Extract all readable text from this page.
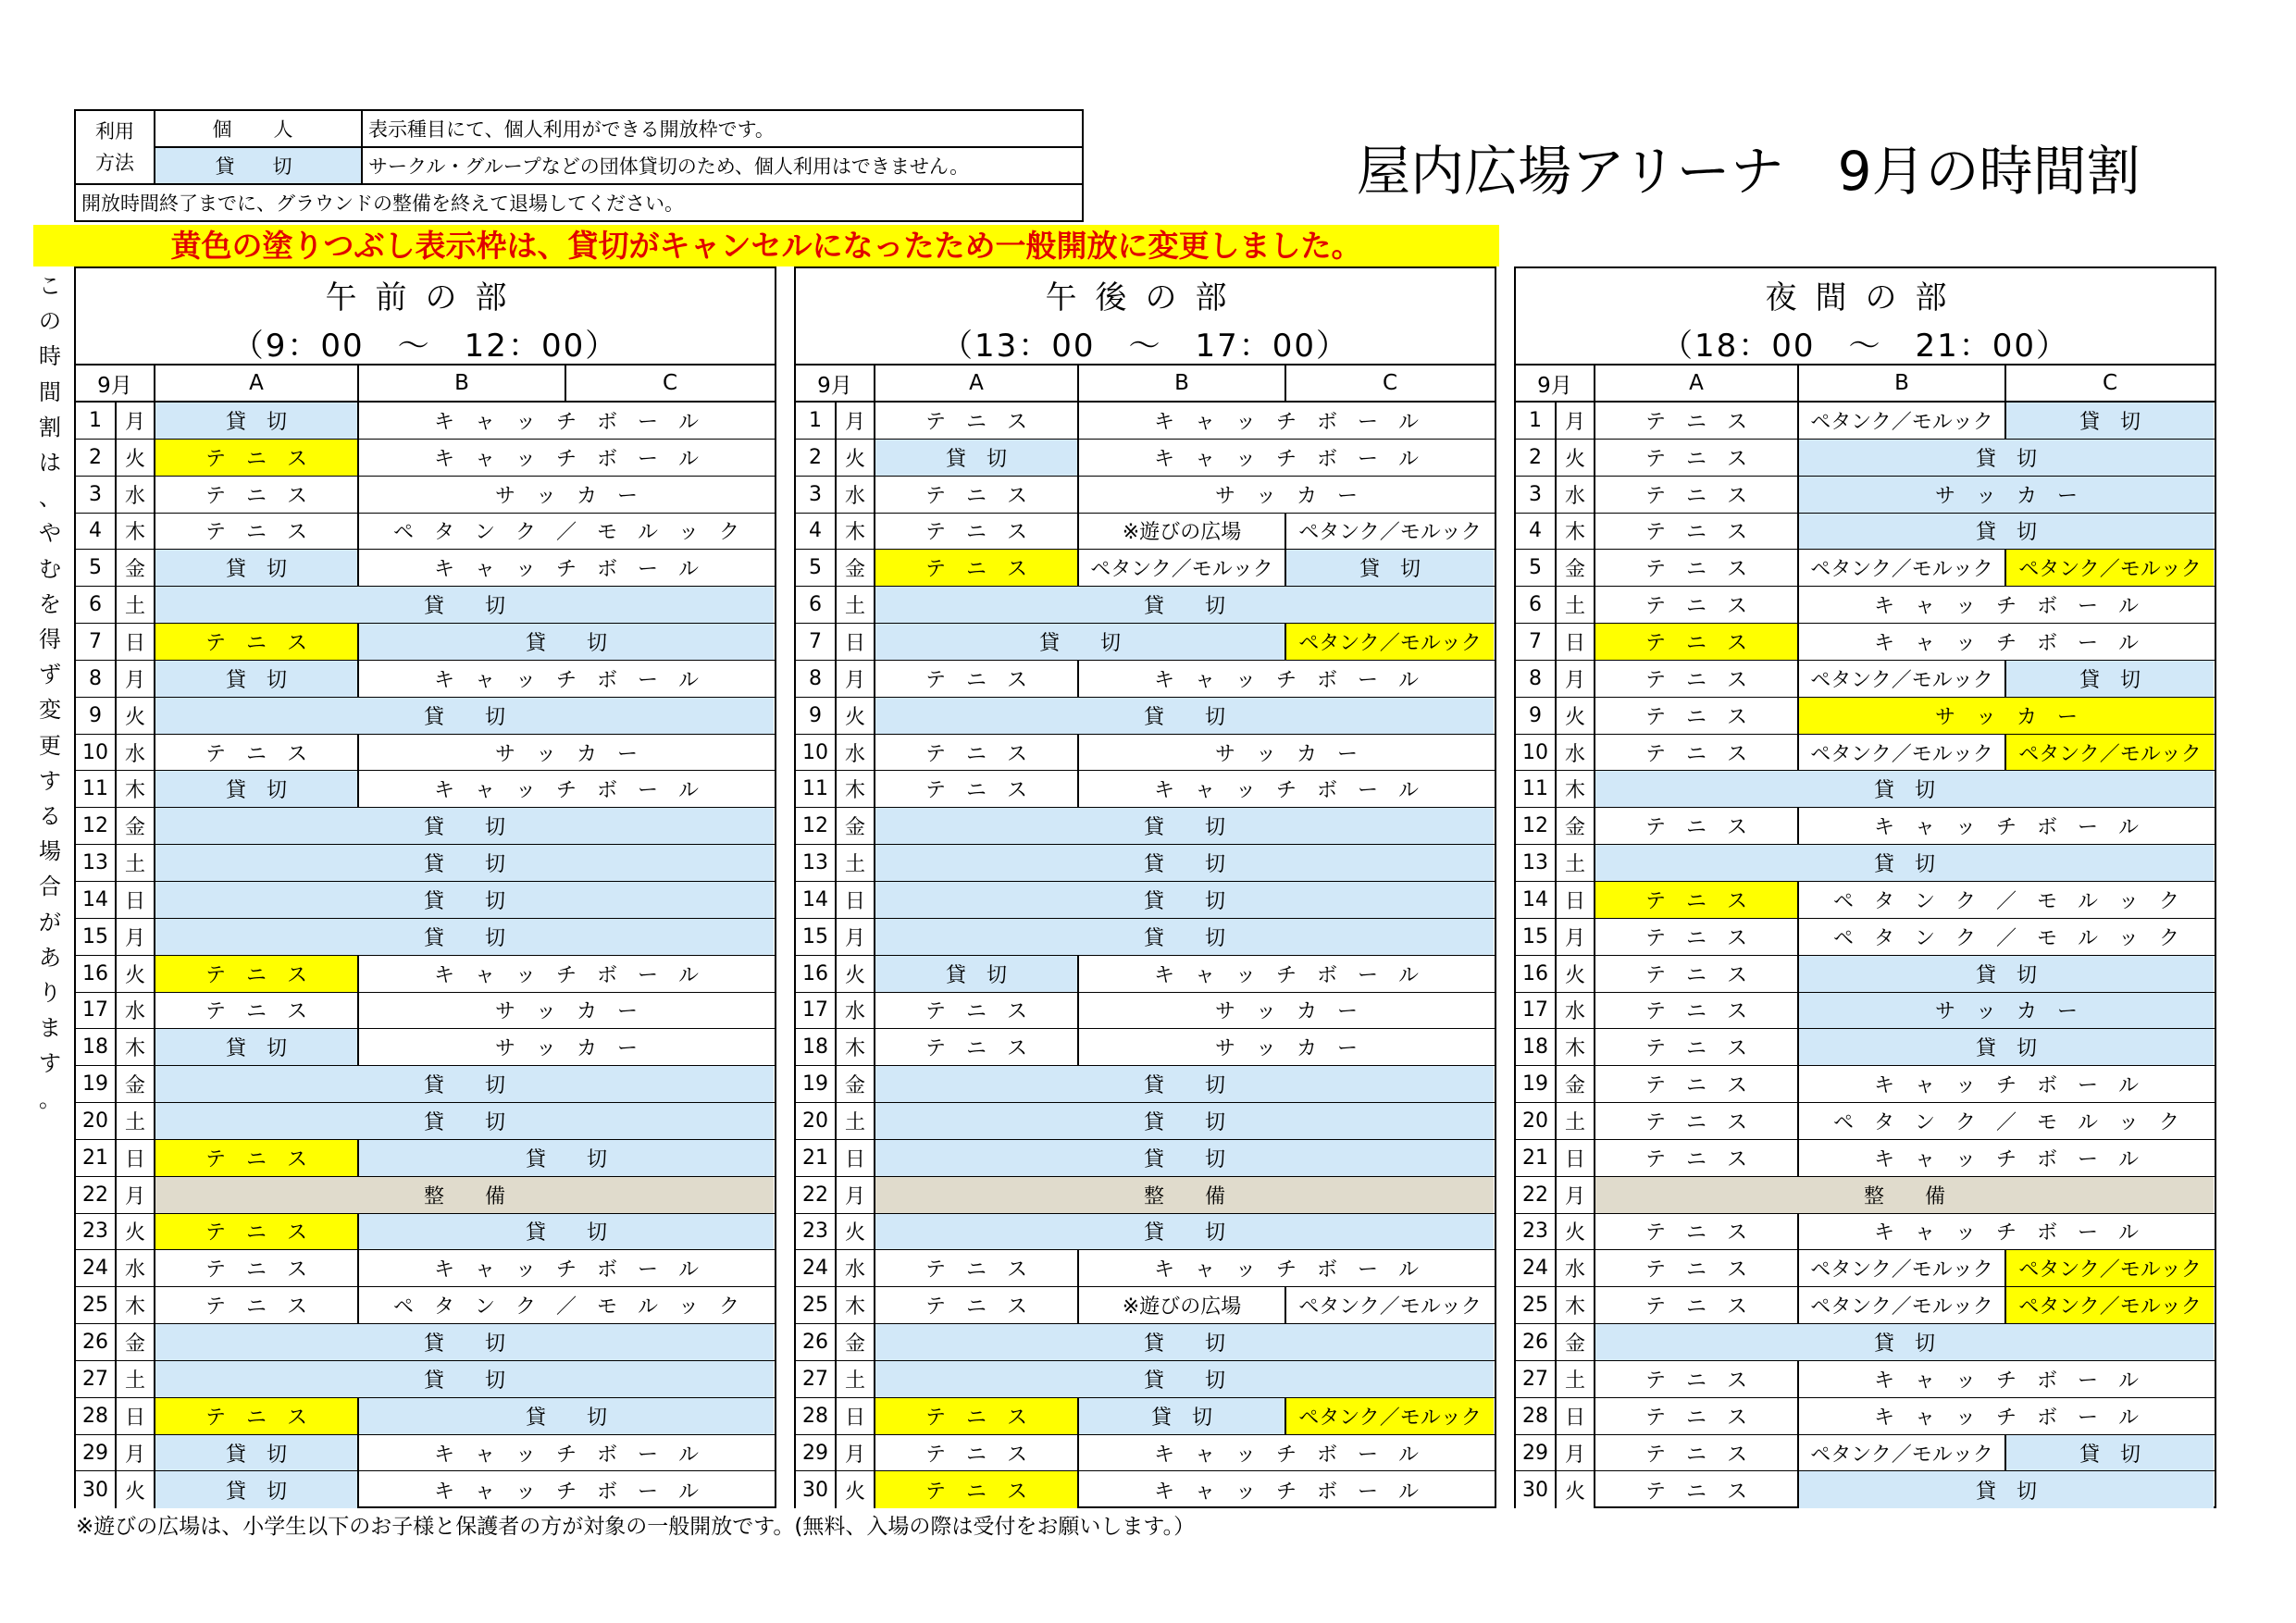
利用
方法	個　人	表示種目にて、個人利用ができる開放枠です。
	貸　切	サークル・グループなどの団体貸切のため、個人利用はできません。
開放時間終了までに、グラウンドの整備を終えて退場してください。		
屋内広場アリーナ　9月の時間割
黄色の塗りつぶし表示枠は、貸切がキャンセルになったため一般開放に変更しました。
こ
の
時
間
割
は
、
や
む
を
得
ず
変
更
す
る
場
合
が
あ
り
ま
す
。
午前の部
（9：00　～　12：00）
9月	A	B	C
1	月	貸　切	キ　ャ　ッ　チ　ボ　ー　ル
2	火	テ　ニ　ス	キ　ャ　ッ　チ　ボ　ー　ル
3	水	テ　ニ　ス	サ　ッ　カ　ー
4	木	テ　ニ　ス	ペ　タ　ン　ク　／　モ　ル　ッ　ク
5	金	貸　切	キ　ャ　ッ　チ　ボ　ー　ル
6	土	貸　　切
7	日	テ　ニ　ス	貸　　切
8	月	貸　切	キ　ャ　ッ　チ　ボ　ー　ル
9	火	貸　　切
10 水	テ　ニ　ス	サ　ッ　カ　ー
11 木	貸　切	キ　ャ　ッ　チ　ボ　ー　ル
12 金	貸　　切
13 土	貸　　切
14 日	貸　　切
15 月	貸　　切
16 火	テ　ニ　ス	キ　ャ　ッ　チ　ボ　ー　ル
17 水	テ　ニ　ス	サ　ッ　カ　ー
18 木	貸　切	サ　ッ　カ　ー
19 金	貸　　切
20 土	貸　　切
21 日	テ　ニ　ス	貸　　切
22 月	整　　備
23 火	テ　ニ　ス	貸　　切
24 水	テ　ニ　ス	キ　ャ　ッ　チ　ボ　ー　ル
25 木	テ　ニ　ス	ペ　タ　ン　ク　／　モ　ル　ッ　ク
26 金	貸　　切
27 土	貸　　切
28 日	テ　ニ　ス	貸　　切
29 月	貸　切	キ　ャ　ッ　チ　ボ　ー　ル
30 火	貸　切	キ　ャ　ッ　チ　ボ　ー　ル
午後の部
（13：00　～　17：00）
9月	A	B	C
1	月	テ　ニ　ス	キ　ャ　ッ　チ　ボ　ー　ル
2	火	貸　切	キ　ャ　ッ　チ　ボ　ー　ル
3	水	テ　ニ　ス	サ　ッ　カ　ー
4	木	テ　ニ　ス	※遊びの広場	ペタンク／モルック
5	金	テ　ニ　ス	ペタンク／モルック	貸　切
6	土	貸　　切
7	日	貸　　切	ペタンク／モルック
8	月	テ　ニ　ス	キ　ャ　ッ　チ　ボ　ー　ル
9	火	貸　　切
10 水	テ　ニ　ス	サ　ッ　カ　ー
11 木	テ　ニ　ス	キ　ャ　ッ　チ　ボ　ー　ル
12 金	貸　　切
13 土	貸　　切
14 日	貸　　切
15 月	貸　　切
16 火	貸　切	キ　ャ　ッ　チ　ボ　ー　ル
17 水	テ　ニ　ス	サ　ッ　カ　ー
18 木	テ　ニ　ス	サ　ッ　カ　ー
19 金	貸　　切
20 土	貸　　切
21 日	貸　　切
22 月	整　　備
23 火	貸　　切
24 水	テ　ニ　ス	キ　ャ　ッ　チ　ボ　ー　ル
25 木	テ　ニ　ス	※遊びの広場	ペタンク／モルック
26 金	貸　　切
27 土	貸　　切
28 日	テ　ニ　ス	貸　切	ペタンク／モルック
29 月	テ　ニ　ス	キ　ャ　ッ　チ　ボ　ー　ル
30 火	テ　ニ　ス	キ　ャ　ッ　チ　ボ　ー　ル
夜間の部
（18：00　～　21：00）
9月	A	B	C
1	月	テ　ニ　ス	ペタンク／モルック	貸　切
2	火	テ　ニ　ス	貸　切
3	水	テ　ニ　ス	サ　ッ　カ　ー
4	木	テ　ニ　ス	貸　切
5	金	テ　ニ　ス	ペタンク／モルック	ペタンク／モルック
6	土	テ　ニ　ス	キ　ャ　ッ　チ　ボ　ー　ル
7	日	テ　ニ　ス	キ　ャ　ッ　チ　ボ　ー　ル
8	月	テ　ニ　ス	ペタンク／モルック	貸　切
9	火	テ　ニ　ス	サ　ッ　カ　ー
10 水	テ　ニ　ス	ペタンク／モルック	ペタンク／モルック
11 木	貸　切
12 金	テ　ニ　ス	キ　ャ　ッ　チ　ボ　ー　ル
13 土	貸　切
14 日	テ　ニ　ス	ペ　タ　ン　ク　／　モ　ル　ッ　ク
15 月	テ　ニ　ス	ペ　タ　ン　ク　／　モ　ル　ッ　ク
16 火	テ　ニ　ス	貸　切
17 水	テ　ニ　ス	サ　ッ　カ　ー
18 木	テ　ニ　ス	貸　切
19 金	テ　ニ　ス	キ　ャ　ッ　チ　ボ　ー　ル
20 土	テ　ニ　ス	ペ　タ　ン　ク　／　モ　ル　ッ　ク
21 日	テ　ニ　ス	キ　ャ　ッ　チ　ボ　ー　ル
22 月	整　　備
23 火	テ　ニ　ス	キ　ャ　ッ　チ　ボ　ー　ル
24 水	テ　ニ　ス	ペタンク／モルック	ペタンク／モルック
25 木	テ　ニ　ス	ペタンク／モルック	ペタンク／モルック
26 金	貸　切
27 土	テ　ニ　ス	キ　ャ　ッ　チ　ボ　ー　ル
28 日	テ　ニ　ス	キ　ャ　ッ　チ　ボ　ー　ル
29 月	テ　ニ　ス	ペタンク／モルック	貸　切
30 火	テ　ニ　ス	貸　切
※遊びの広場は、小学生以下のお子様と保護者の方が対象の一般開放です。(無料、入場の際は受付をお願いします。）
